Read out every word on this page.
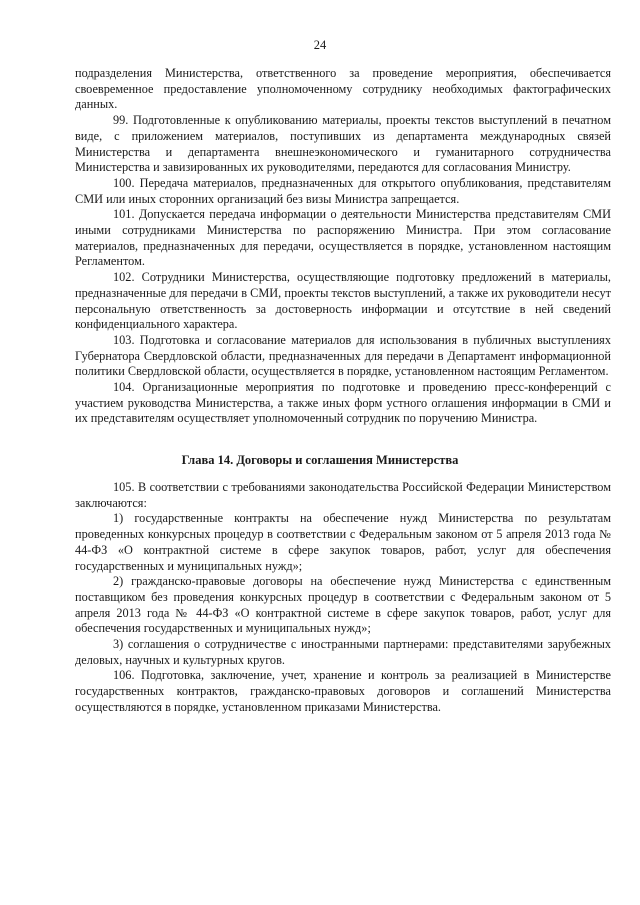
24

подразделения Министерства, ответственного за проведение мероприятия, обеспечивается своевременное предоставление уполномоченному сотруднику необходимых фактографических данных.

99. Подготовленные к опубликованию материалы, проекты текстов выступлений в печатном виде, с приложением материалов, поступивших из департамента международных связей Министерства и департамента внешнеэкономического и гуманитарного сотрудничества Министерства и завизированных их руководителями, передаются для согласования Министру.

100. Передача материалов, предназначенных для открытого опубликования, представителям СМИ или иных сторонних организаций без визы Министра запрещается.

101. Допускается передача информации о деятельности Министерства представителям СМИ иными сотрудниками Министерства по распоряжению Министра. При этом согласование материалов, предназначенных для передачи, осуществляется в порядке, установленном настоящим Регламентом.

102. Сотрудники Министерства, осуществляющие подготовку предложений в материалы, предназначенные для передачи в СМИ, проекты текстов выступлений, а также их руководители несут персональную ответственность за достоверность информации и отсутствие в ней сведений конфиденциального характера.

103. Подготовка и согласование материалов для использования в публичных выступлениях Губернатора Свердловской области, предназначенных для передачи в Департамент информационной политики Свердловской области, осуществляется в порядке, установленном настоящим Регламентом.

104. Организационные мероприятия по подготовке и проведению пресс-конференций с участием руководства Министерства, а также иных форм устного оглашения информации в СМИ и их представителям осуществляет уполномоченный сотрудник по поручению Министра.

Глава 14. Договоры и соглашения Министерства

105. В соответствии с требованиями законодательства Российской Федерации Министерством заключаются:

1) государственные контракты на обеспечение нужд Министерства по результатам проведенных конкурсных процедур в соответствии с Федеральным законом от 5 апреля 2013 года № 44-ФЗ «О контрактной системе в сфере закупок товаров, работ, услуг для обеспечения государственных и муниципальных нужд»;

2) гражданско-правовые договоры на обеспечение нужд Министерства с единственным поставщиком без проведения конкурсных процедур в соответствии с Федеральным законом от 5 апреля 2013 года № 44-ФЗ «О контрактной системе в сфере закупок товаров, работ, услуг для обеспечения государственных и муниципальных нужд»;

3) соглашения о сотрудничестве с иностранными партнерами: представителями зарубежных деловых, научных и культурных кругов.

106. Подготовка, заключение, учет, хранение и контроль за реализацией в Министерстве государственных контрактов, гражданско-правовых договоров и соглашений Министерства осуществляются в порядке, установленном приказами Министерства.
